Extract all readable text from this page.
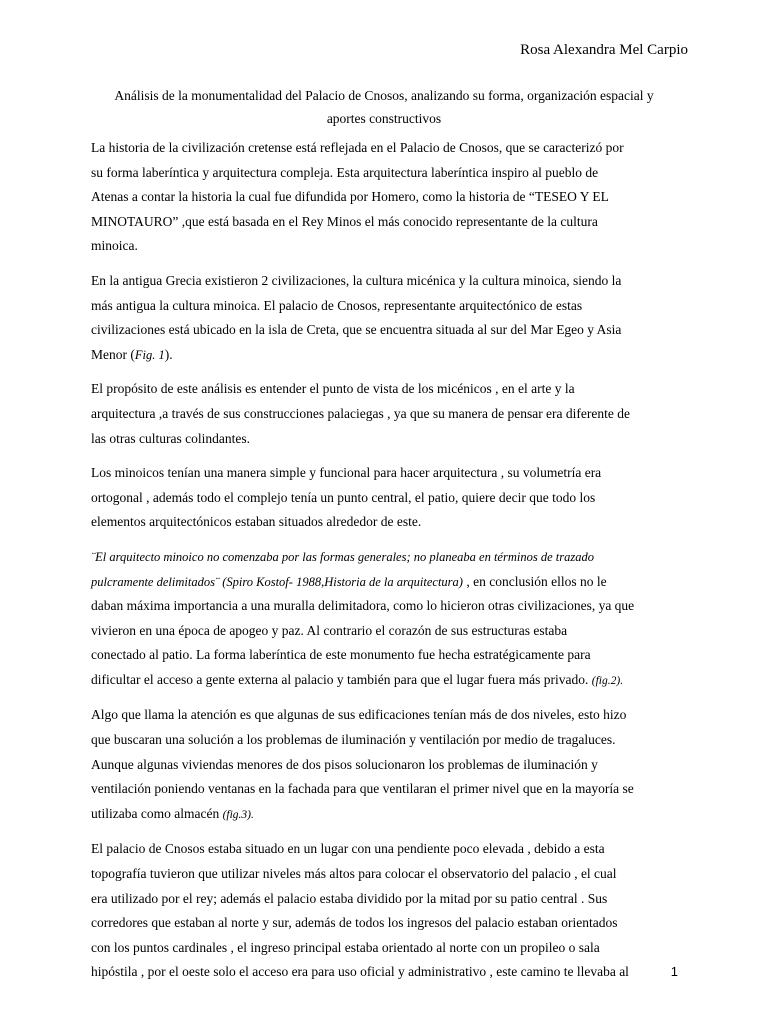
Rosa Alexandra Mel Carpio
Análisis de la monumentalidad del Palacio de Cnosos, analizando su forma, organización espacial y
aportes constructivos

La historia de la civilización cretense está reflejada en el Palacio de Cnosos, que se caracterizó por
su forma laberíntica y arquitectura compleja. Esta arquitectura laberíntica inspiro al pueblo de
Atenas a contar la historia la cual fue difundida por Homero, como la historia de “TESEO Y EL
MINOTAURO” ,que está basada en el Rey Minos el más conocido representante de la cultura
minoica.

En la antigua Grecia existieron 2 civilizaciones, la cultura micénica y la cultura minoica, siendo la
más antigua la cultura minoica. El palacio de Cnosos, representante arquitectónico de estas
civilizaciones está ubicado en la isla de Creta, que se encuentra situada al sur del Mar Egeo y Asia
Menor (Fig. 1).

El propósito de este análisis es entender el punto de vista de los micénicos , en el arte y la
arquitectura ,a través de sus construcciones palaciegas , ya que su manera de pensar era diferente de
las otras culturas colindantes.

Los minoicos tenían una manera simple y funcional para hacer arquitectura , su volumetría era
ortogonal , además todo el complejo tenía un punto central, el patio, quiere decir que todo los
elementos arquitectónicos estaban situados alrededor de este.

¨El arquitecto minoico no comenzaba por las formas generales; no planeaba en términos de trazado
pulcramente delimitados¨ (Spiro Kostof- 1988,Historia de la arquitectura) , en conclusión ellos no le
daban máxima importancia a una muralla delimitadora, como lo hicieron otras civilizaciones, ya que
vivieron en una época de apogeo y paz. Al contrario el corazón de sus estructuras estaba
conectado al patio. La forma laberíntica de este monumento fue hecha estratégicamente para
dificultar el acceso a gente externa al palacio y también para que el lugar fuera más privado. (fig.2).

Algo que llama la atención es que algunas de sus edificaciones tenían más de dos niveles, esto hizo
que buscaran una solución a los problemas de iluminación y ventilación por medio de tragaluces.
Aunque algunas viviendas menores de dos pisos solucionaron los problemas de iluminación y
ventilación poniendo ventanas en la fachada para que ventilaran el primer nivel que en la mayoría se
utilizaba como almacén (fig.3).

El palacio de Cnosos estaba situado en un lugar con una pendiente poco elevada , debido a esta
topografía tuvieron que utilizar niveles más altos para colocar el observatorio del palacio , el cual
era utilizado por el rey; además el palacio estaba dividido por la mitad por su patio central . Sus
corredores que estaban al norte y sur, además de todos los ingresos del palacio estaban orientados
con los puntos cardinales , el ingreso principal estaba orientado al norte con un propileo o sala
hipóstila , por el oeste solo el acceso era para uso oficial y administrativo , este camino te llevaba al	1
